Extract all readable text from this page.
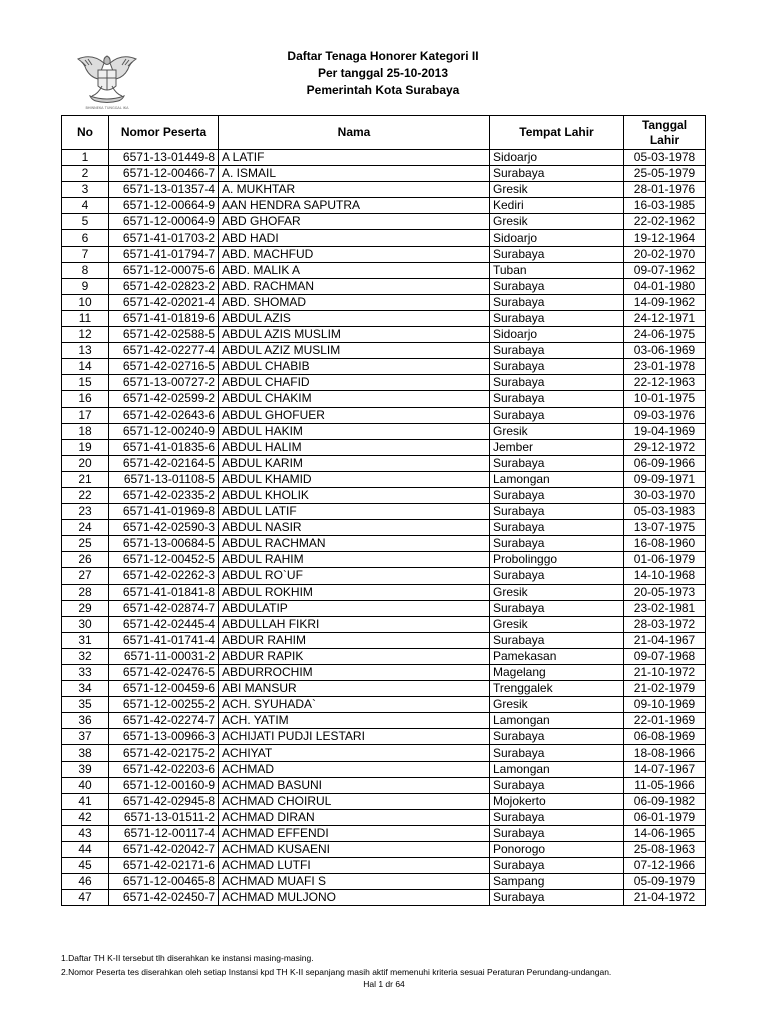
BHINNEKA TUNGGAL IKA
Daftar Tenaga Honorer Kategori II
Per tanggal 25-10-2013
Pemerintah Kota Surabaya
No	Nomor Peserta	Nama	Tempat Lahir	Tanggal
Lahir
1	6571-13-01449-8	A LATIF	Sidoarjo	05-03-1978
2	6571-12-00466-7	A. ISMAIL	Surabaya	25-05-1979
3	6571-13-01357-4	A. MUKHTAR	Gresik	28-01-1976
4	6571-12-00664-9	AAN HENDRA SAPUTRA	Kediri	16-03-1985
5	6571-12-00064-9	ABD GHOFAR	Gresik	22-02-1962
6	6571-41-01703-2	ABD HADI	Sidoarjo	19-12-1964
7	6571-41-01794-7	ABD. MACHFUD	Surabaya	20-02-1970
8	6571-12-00075-6	ABD. MALIK A	Tuban	09-07-1962
9	6571-42-02823-2	ABD. RACHMAN	Surabaya	04-01-1980
10	6571-42-02021-4	ABD. SHOMAD	Surabaya	14-09-1962
11	6571-41-01819-6	ABDUL AZIS	Surabaya	24-12-1971
12	6571-42-02588-5	ABDUL AZIS MUSLIM	Sidoarjo	24-06-1975
13	6571-42-02277-4	ABDUL AZIZ MUSLIM	Surabaya	03-06-1969
14	6571-42-02716-5	ABDUL CHABIB	Surabaya	23-01-1978
15	6571-13-00727-2	ABDUL CHAFID	Surabaya	22-12-1963
16	6571-42-02599-2	ABDUL CHAKIM	Surabaya	10-01-1975
17	6571-42-02643-6	ABDUL GHOFUER	Surabaya	09-03-1976
18	6571-12-00240-9	ABDUL HAKIM	Gresik	19-04-1969
19	6571-41-01835-6	ABDUL HALIM	Jember	29-12-1972
20	6571-42-02164-5	ABDUL KARIM	Surabaya	06-09-1966
21	6571-13-01108-5	ABDUL KHAMID	Lamongan	09-09-1971
22	6571-42-02335-2	ABDUL KHOLIK	Surabaya	30-03-1970
23	6571-41-01969-8	ABDUL LATIF	Surabaya	05-03-1983
24	6571-42-02590-3	ABDUL NASIR	Surabaya	13-07-1975
25	6571-13-00684-5	ABDUL RACHMAN	Surabaya	16-08-1960
26	6571-12-00452-5	ABDUL RAHIM	Probolinggo	01-06-1979
27	6571-42-02262-3	ABDUL RO`UF	Surabaya	14-10-1968
28	6571-41-01841-8	ABDUL ROKHIM	Gresik	20-05-1973
29	6571-42-02874-7	ABDULATIP	Surabaya	23-02-1981
30	6571-42-02445-4	ABDULLAH FIKRI	Gresik	28-03-1972
31	6571-41-01741-4	ABDUR RAHIM	Surabaya	21-04-1967
32	6571-11-00031-2	ABDUR RAPIK	Pamekasan	09-07-1968
33	6571-42-02476-5	ABDURROCHIM	Magelang	21-10-1972
34	6571-12-00459-6	ABI MANSUR	Trenggalek	21-02-1979
35	6571-12-00255-2	ACH. SYUHADA`	Gresik	09-10-1969
36	6571-42-02274-7	ACH. YATIM	Lamongan	22-01-1969
37	6571-13-00966-3	ACHIJATI PUDJI LESTARI	Surabaya	06-08-1969
38	6571-42-02175-2	ACHIYAT	Surabaya	18-08-1966
39	6571-42-02203-6	ACHMAD	Lamongan	14-07-1967
40	6571-12-00160-9	ACHMAD BASUNI	Surabaya	11-05-1966
41	6571-42-02945-8	ACHMAD CHOIRUL	Mojokerto	06-09-1982
42	6571-13-01511-2	ACHMAD DIRAN	Surabaya	06-01-1979
43	6571-12-00117-4	ACHMAD EFFENDI	Surabaya	14-06-1965
44	6571-42-02042-7	ACHMAD KUSAENI	Ponorogo	25-08-1963
45	6571-42-02171-6	ACHMAD LUTFI	Surabaya	07-12-1966
46	6571-12-00465-8	ACHMAD MUAFI S	Sampang	05-09-1979
47	6571-42-02450-7	ACHMAD MULJONO	Surabaya	21-04-1972
1.Daftar TH K-II tersebut tlh diserahkan ke instansi masing-masing.
2.Nomor Peserta tes diserahkan oleh setiap Instansi kpd TH K-II sepanjang masih aktif memenuhi kriteria sesuai Peraturan Perundang-undangan.
Hal 1 dr 64
